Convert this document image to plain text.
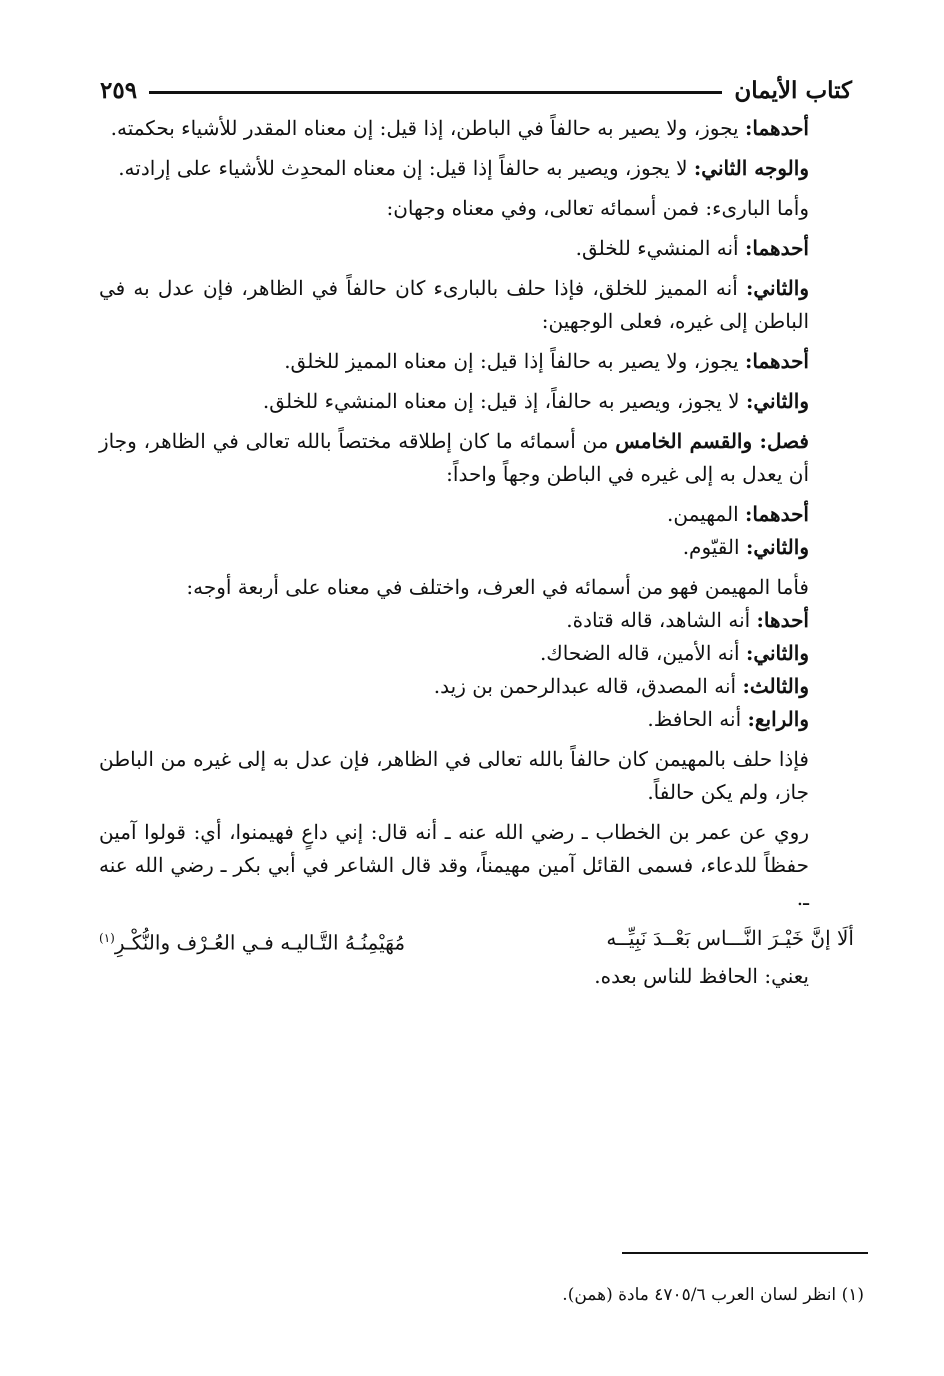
كتاب الأيمان
٢٥٩

أحدهما: يجوز، ولا يصير به حالفاً في الباطن، إذا قيل: إن معناه المقدر للأشياء بحكمته.

والوجه الثاني: لا يجوز، ويصير به حالفاً إذا قيل: إن معناه المحدِث للأشياء على إرادته.

وأما البارىء: فمن أسمائه تعالى، وفي معناه وجهان:

أحدهما: أنه المنشيء للخلق.

والثاني: أنه المميز للخلق، فإذا حلف بالبارىء كان حالفاً في الظاهر، فإن عدل به في الباطن إلى غيره، فعلى الوجهين:

أحدهما: يجوز، ولا يصير به حالفاً إذا قيل: إن معناه المميز للخلق.

والثاني: لا يجوز، ويصير به حالفاً، إذ قيل: إن معناه المنشيء للخلق.

فصل: والقسم الخامس من أسمائه ما كان إطلاقه مختصاً بالله تعالى في الظاهر، وجاز أن يعدل به إلى غيره في الباطن وجهاً واحداً:

أحدهما: المهيمن.

والثاني: القيّوم.

فأما المهيمن فهو من أسمائه في العرف، واختلف في معناه على أربعة أوجه:

أحدها: أنه الشاهد، قاله قتادة.

والثاني: أنه الأمين، قاله الضحاك.

والثالث: أنه المصدق، قاله عبدالرحمن بن زيد.

والرابع: أنه الحافظ.

فإذا حلف بالمهيمن كان حالفاً بالله تعالى في الظاهر، فإن عدل به إلى غيره من الباطن جاز، ولم يكن حالفاً.

روي عن عمر بن الخطاب ـ رضي الله عنه ـ أنه قال: إني داعٍ فهيمنوا، أي: قولوا آمين حفظاً للدعاء، فسمى القائل آمين مهيمناً، وقد قال الشاعر في أبي بكر ـ رضي الله عنه ـ.

ألَا إنَّ خَيْـرَ النَّـــاس بَعْــدَ نَبِيِّــه
مُهَيْمِنُـهُ التَّـاليـه فـي العُـرْف والنُّكْـرِ$^{(١)}$

يعني: الحافظ للناس بعده.

(١) انظر لسان العرب ٤٧٠٥/٦ مادة (همن).
